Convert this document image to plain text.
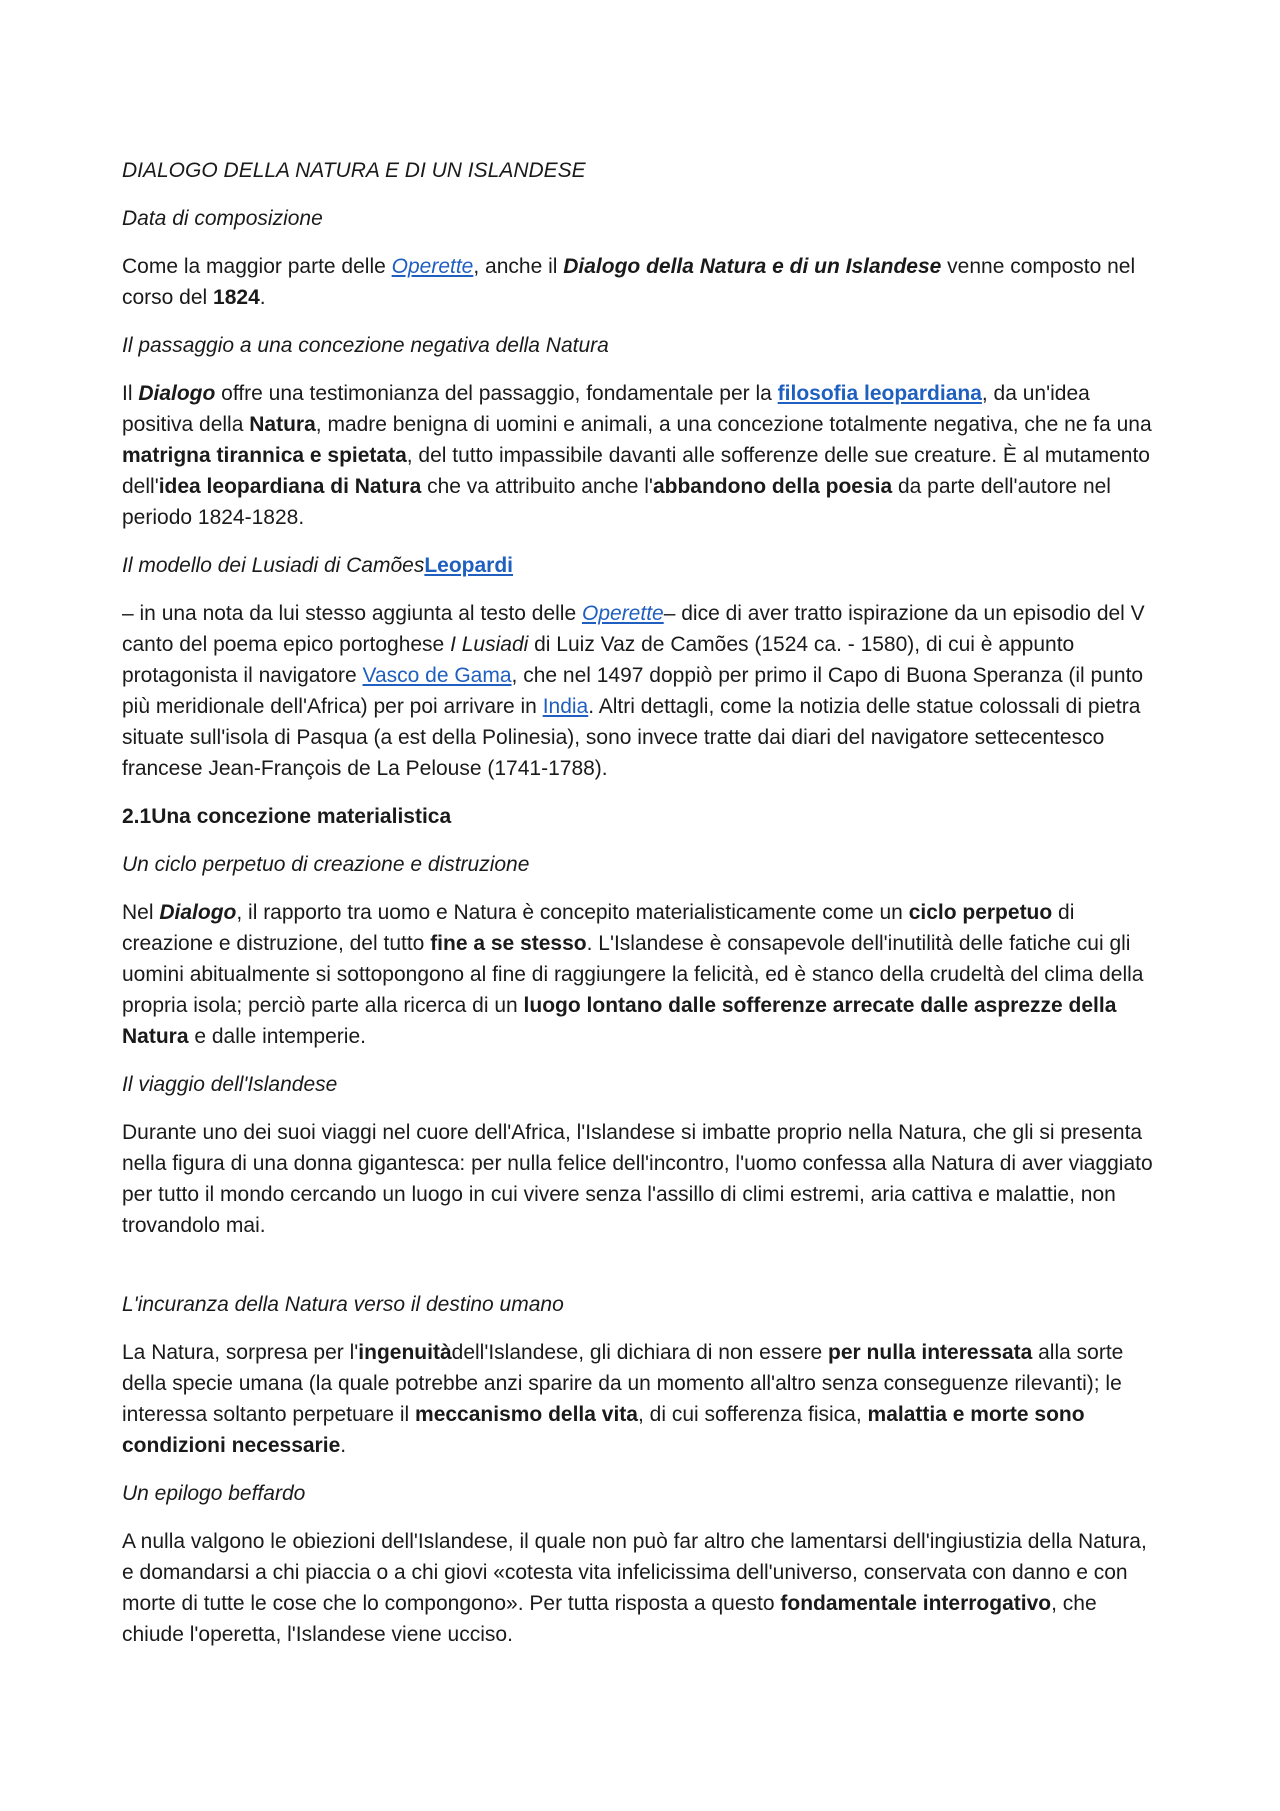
DIALOGO DELLA NATURA E DI UN ISLANDESE

Data di composizione

Come la maggior parte delle Operette, anche il Dialogo della Natura e di un Islandese venne composto nel corso del 1824.

Il passaggio a una concezione negativa della Natura

Il Dialogo offre una testimonianza del passaggio, fondamentale per la filosofia leopardiana, da un'idea positiva della Natura, madre benigna di uomini e animali, a una concezione totalmente negativa, che ne fa una matrigna tirannica e spietata, del tutto impassibile davanti alle sofferenze delle sue creature. È al mutamento dell'idea leopardiana di Natura che va attribuito anche l'abbandono della poesia da parte dell'autore nel periodo 1824-1828.

Il modello dei Lusiadi di CamõesLeopardi

– in una nota da lui stesso aggiunta al testo delle Operette– dice di aver tratto ispirazione da un episodio del V canto del poema epico portoghese I Lusiadi di Luiz Vaz de Camões (1524 ca. - 1580), di cui è appunto protagonista il navigatore Vasco de Gama, che nel 1497 doppiò per primo il Capo di Buona Speranza (il punto più meridionale dell'Africa) per poi arrivare in India. Altri dettagli, come la notizia delle statue colossali di pietra situate sull'isola di Pasqua (a est della Polinesia), sono invece tratte dai diari del navigatore settecentesco francese Jean-François de La Pelouse (1741-1788).

2.1Una concezione materialistica

Un ciclo perpetuo di creazione e distruzione

Nel Dialogo, il rapporto tra uomo e Natura è concepito materialisticamente come un ciclo perpetuo di creazione e distruzione, del tutto fine a se stesso. L'Islandese è consapevole dell'inutilità delle fatiche cui gli uomini abitualmente si sottopongono al fine di raggiungere la felicità, ed è stanco della crudeltà del clima della propria isola; perciò parte alla ricerca di un luogo lontano dalle sofferenze arrecate dalle asprezze della Natura e dalle intemperie.

Il viaggio dell'Islandese

Durante uno dei suoi viaggi nel cuore dell'Africa, l'Islandese si imbatte proprio nella Natura, che gli si presenta nella figura di una donna gigantesca: per nulla felice dell'incontro, l'uomo confessa alla Natura di aver viaggiato per tutto il mondo cercando un luogo in cui vivere senza l'assillo di climi estremi, aria cattiva e malattie, non trovandolo mai.

L'incuranza della Natura verso il destino umano

La Natura, sorpresa per l'ingenuitàdell'Islandese, gli dichiara di non essere per nulla interessata alla sorte della specie umana (la quale potrebbe anzi sparire da un momento all'altro senza conseguenze rilevanti); le interessa soltanto perpetuare il meccanismo della vita, di cui sofferenza fisica, malattia e morte sono condizioni necessarie.

Un epilogo beffardo

A nulla valgono le obiezioni dell'Islandese, il quale non può far altro che lamentarsi dell'ingiustizia della Natura, e domandarsi a chi piaccia o a chi giovi «cotesta vita infelicissima dell'universo, conservata con danno e con morte di tutte le cose che lo compongono». Per tutta risposta a questo fondamentale interrogativo, che chiude l'operetta, l'Islandese viene ucciso.
